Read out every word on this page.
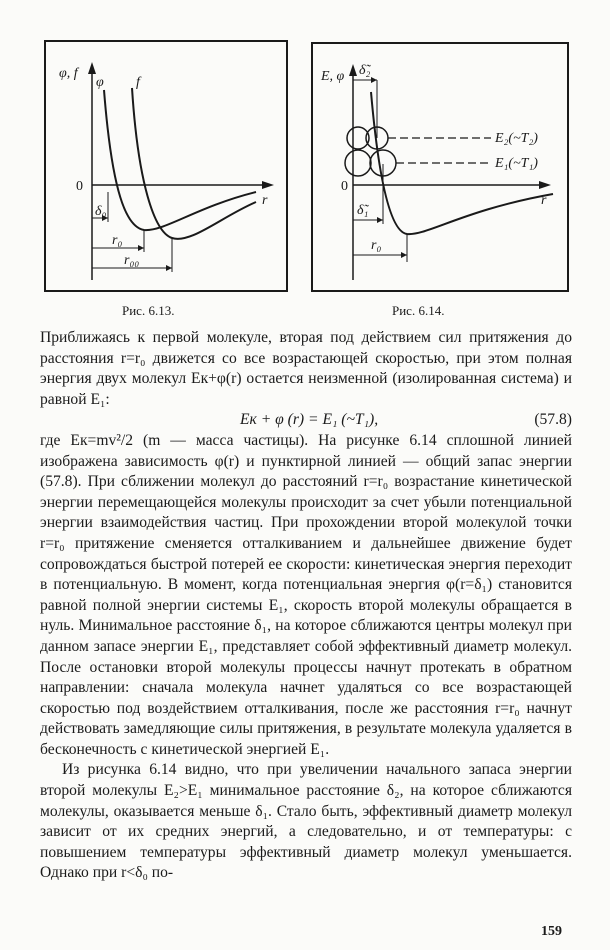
φ, f
φ f
0
r
δ₀
r₀
r₀₀
E, φ δ̃₂
δ̃₁
0
r
E₂(~T₂)
E₁(~T₁)
r₀
Рис. 6.13.	Рис. 6.14.

Приближаясь к первой молекуле, вторая под действием сил притяжения до расстояния r=r₀ движется со все возрастающей скоростью, при этом полная энергия двух молекул Eк+φ(r) остается неизменной (изолированная система) и равной E₁:

Eк + φ (r) = E₁ (~T₁),	(57.8)

где Eк=mv²/2 (m — масса частицы). На рисунке 6.14 сплошной линией изображена зависимость φ(r) и пунктирной линией — общий запас энергии (57.8). При сближении молекул до расстояний r=r₀ возрастание кинетической энергии перемещающейся молекулы происходит за счет убыли потенциальной энергии взаимодействия частиц. При прохождении второй молекулой точки r=r₀ притяжение сменяется отталкиванием и дальнейшее движение будет сопровождаться быстрой потерей ее скорости: кинетическая энергия переходит в потенциальную. В момент, когда потенциальная энергия φ(r=δ₁) становится равной полной энергии системы E₁, скорость второй молекулы обращается в нуль. Минимальное расстояние δ₁, на которое сближаются центры молекул при данном запасе энергии E₁, представляет собой эффективный диаметр молекул. После остановки второй молекулы процессы начнут протекать в обратном направлении: сначала молекула начнет удаляться со все возрастающей скоростью под воздействием отталкивания, после же расстояния r=r₀ начнут действовать замедляющие силы притяжения, в результате молекула удаляется в бесконечность с кинетической энергией E₁.

Из рисунка 6.14 видно, что при увеличении начального запаса энергии второй молекулы E₂>E₁ минимальное расстояние δ₂, на которое сближаются молекулы, оказывается меньше δ₁. Стало быть, эффективный диаметр молекул зависит от их средних энергий, а следовательно, и от температуры: с повышением температуры эффективный диаметр молекул уменьшается. Однако при r<δ₀ по-

159
